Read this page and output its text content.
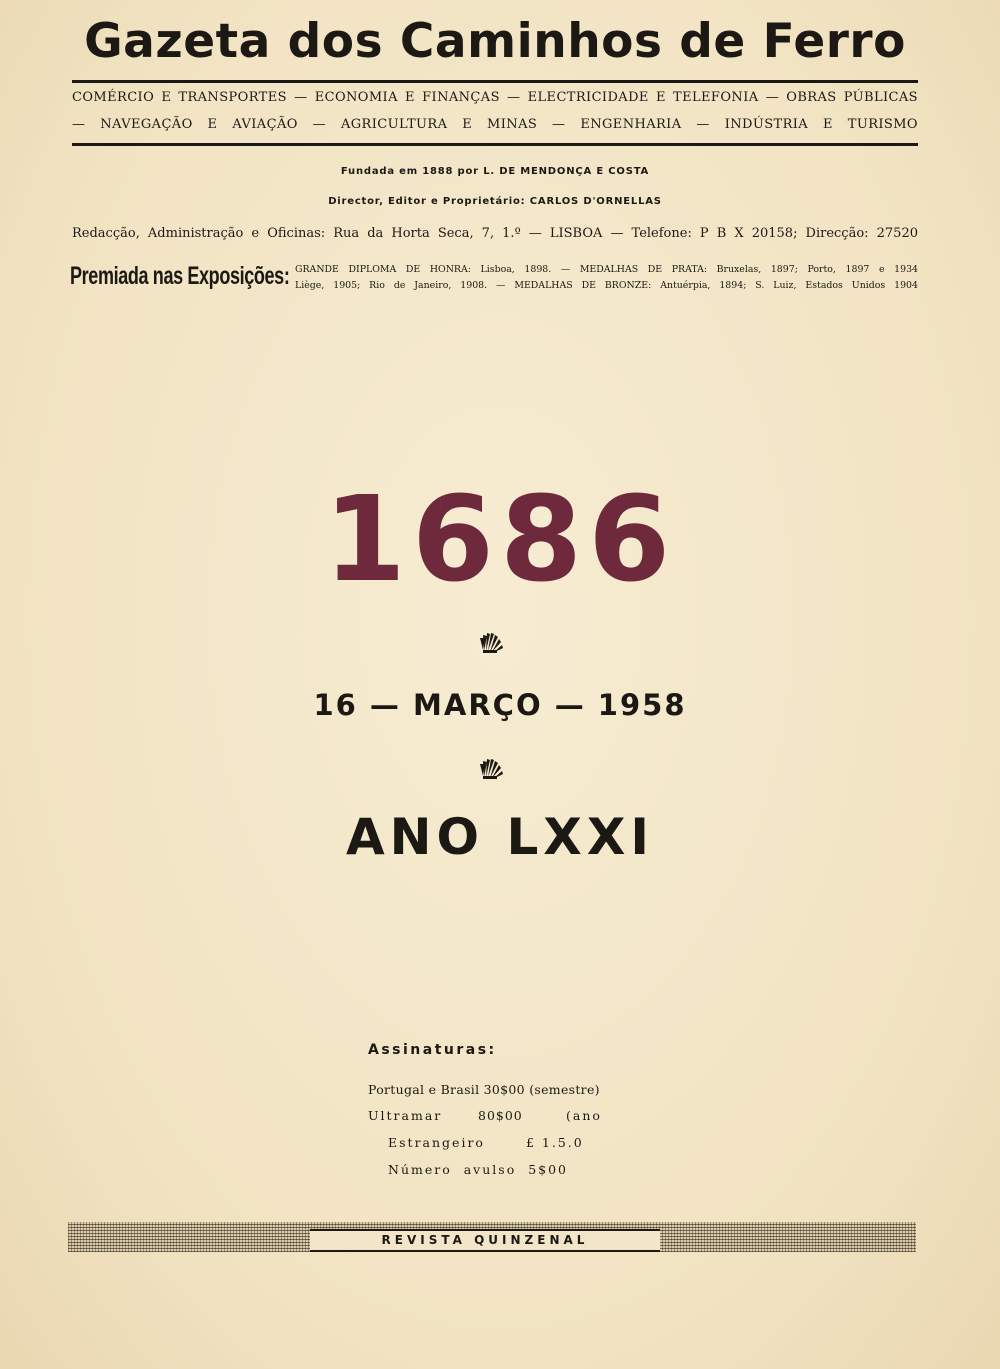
Gazeta dos Caminhos de Ferro
COMÉRCIO E TRANSPORTES — ECONOMIA E FINANÇAS — ELECTRICIDADE E TELEFONIA — OBRAS PÚBLICAS
— NAVEGAÇÃO E AVIAÇÃO — AGRICULTURA E MINAS — ENGENHARIA — INDÚSTRIA E TURISMO
Fundada em 1888 por L. DE MENDONÇA E COSTA
Director, Editor e Proprietário: CARLOS D'ORNELLAS
Redacção, Administração e Oficinas: Rua da Horta Seca, 7, 1.º — LISBOA — Telefone: P B X 20158; Direcção: 27520
Premiada nas Exposições: GRANDE DIPLOMA DE HONRA: Lisboa, 1898. — MEDALHAS DE PRATA: Bruxelas, 1897; Porto, 1897 e 1934
Liège, 1905; Rio de Janeiro, 1908. — MEDALHAS DE BRONZE: Antuérpia, 1894; S. Luiz, Estados Unidos 1904
1686
16 — MARÇO — 1958
ANO LXXI
Assinaturas:
Portugal e Brasil 30$00 (semestre)
Ultramar	80$00	(ano
Estrangeiro	£ 1.5.0
Número avulso 5$00
REVISTA QUINZENAL
